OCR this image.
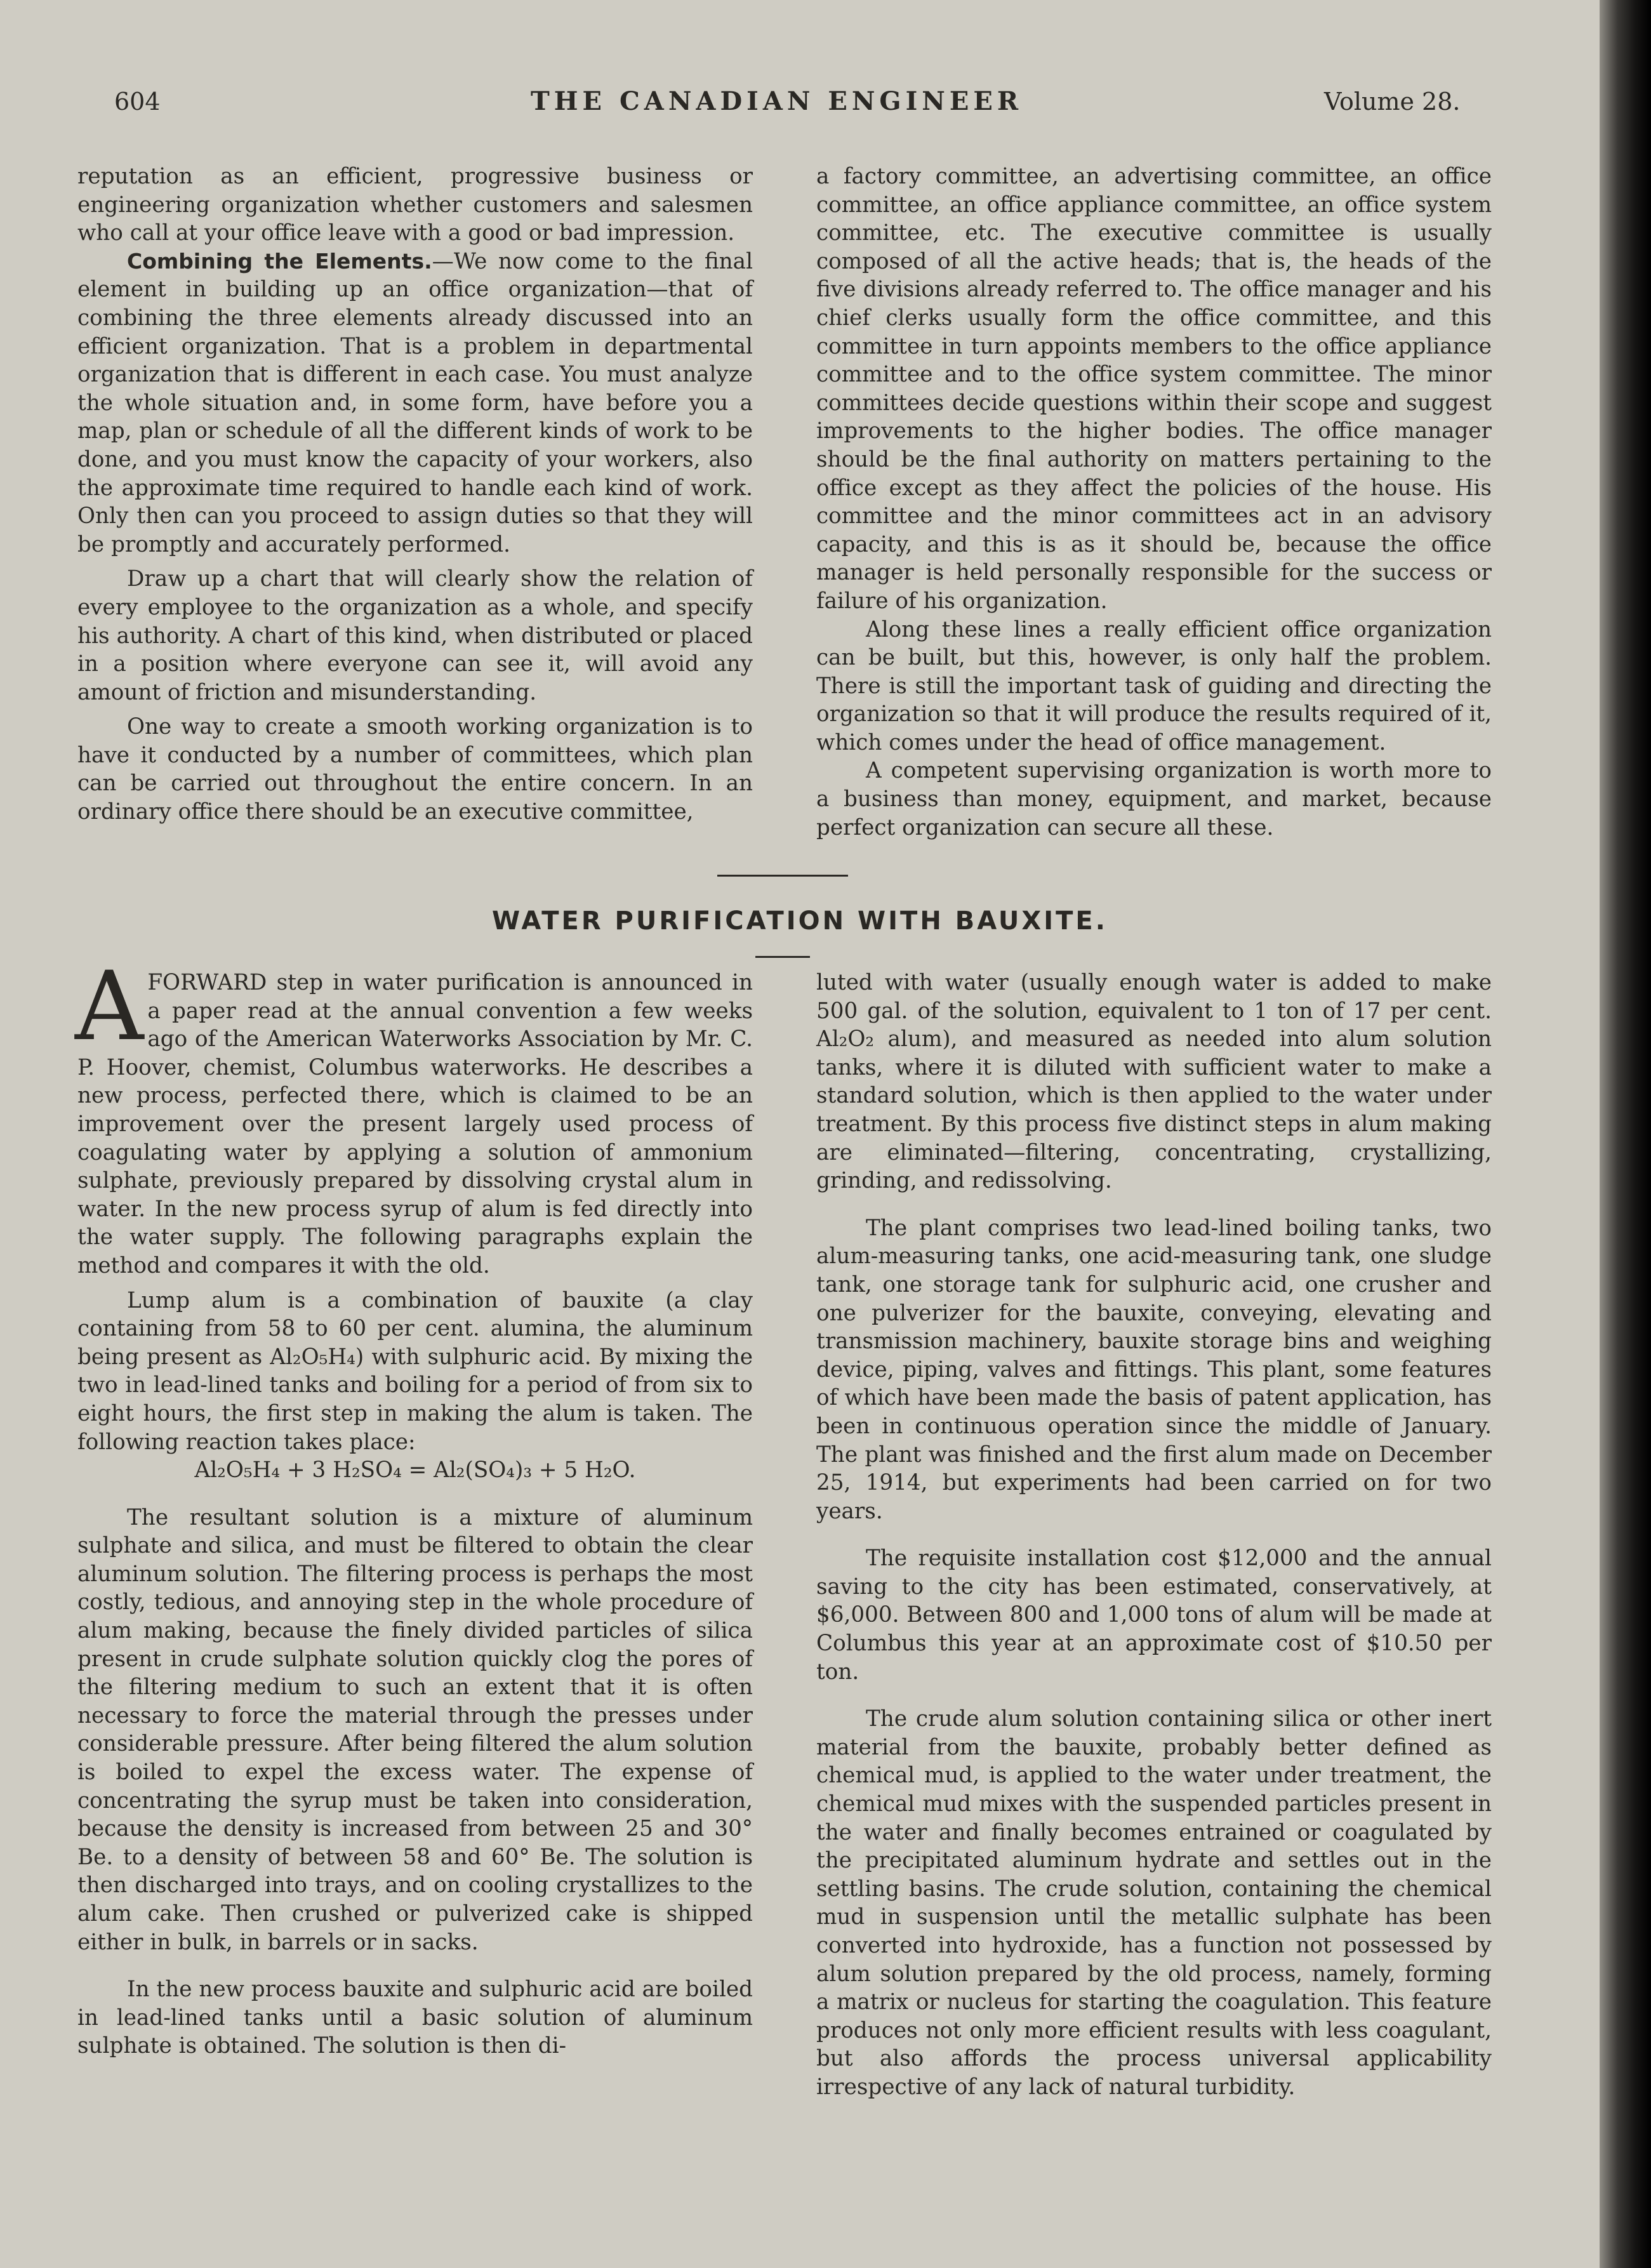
604	THE CANADIAN ENGINEER	Volume 28.

reputation as an efficient, progressive business or engineering organization whether customers and salesmen who call at your office leave with a good or bad impression.

Combining the Elements.—We now come to the final element in building up an office organization—that of combining the three elements already discussed into an efficient organization. That is a problem in departmental organization that is different in each case. You must analyze the whole situation and, in some form, have before you a map, plan or schedule of all the different kinds of work to be done, and you must know the capacity of your workers, also the approximate time required to handle each kind of work. Only then can you proceed to assign duties so that they will be promptly and accurately performed.

Draw up a chart that will clearly show the relation of every employee to the organization as a whole, and specify his authority. A chart of this kind, when distributed or placed in a position where everyone can see it, will avoid any amount of friction and misunderstanding.

One way to create a smooth working organization is to have it conducted by a number of committees, which plan can be carried out throughout the entire concern. In an ordinary office there should be an executive committee,

a factory committee, an advertising committee, an office committee, an office appliance committee, an office system committee, etc. The executive committee is usually composed of all the active heads; that is, the heads of the five divisions already referred to. The office manager and his chief clerks usually form the office committee, and this committee in turn appoints members to the office appliance committee and to the office system committee. The minor committees decide questions within their scope and suggest improvements to the higher bodies. The office manager should be the final authority on matters pertaining to the office except as they affect the policies of the house. His committee and the minor committees act in an advisory capacity, and this is as it should be, because the office manager is held personally responsible for the success or failure of his organization.

Along these lines a really efficient office organization can be built, but this, however, is only half the problem. There is still the important task of guiding and directing the organization so that it will produce the results required of it, which comes under the head of office management.

A competent supervising organization is worth more to a business than money, equipment, and market, because perfect organization can secure all these.

WATER PURIFICATION WITH BAUXITE.

AFORWARD step in water purification is announced in a paper read at the annual convention a few weeks ago of the American Waterworks Association by Mr. C. P. Hoover, chemist, Columbus waterworks. He describes a new process, perfected there, which is claimed to be an improvement over the present largely used process of coagulating water by applying a solution of ammonium sulphate, previously prepared by dissolving crystal alum in water. In the new process syrup of alum is fed directly into the water supply. The following paragraphs explain the method and compares it with the old.

Lump alum is a combination of bauxite (a clay containing from 58 to 60 per cent. alumina, the aluminum being present as Al₂O₅H₄) with sulphuric acid. By mixing the two in lead-lined tanks and boiling for a period of from six to eight hours, the first step in making the alum is taken. The following reaction takes place:

Al₂O₅H₄ + 3 H₂SO₄ = Al₂(SO₄)₃ + 5 H₂O.

The resultant solution is a mixture of aluminum sulphate and silica, and must be filtered to obtain the clear aluminum solution. The filtering process is perhaps the most costly, tedious, and annoying step in the whole procedure of alum making, because the finely divided particles of silica present in crude sulphate solution quickly clog the pores of the filtering medium to such an extent that it is often necessary to force the material through the presses under considerable pressure. After being filtered the alum solution is boiled to expel the excess water. The expense of concentrating the syrup must be taken into consideration, because the density is increased from between 25 and 30° Be. to a density of between 58 and 60° Be. The solution is then discharged into trays, and on cooling crystallizes to the alum cake. Then crushed or pulverized cake is shipped either in bulk, in barrels or in sacks.

In the new process bauxite and sulphuric acid are boiled in lead-lined tanks until a basic solution of aluminum sulphate is obtained. The solution is then di-

luted with water (usually enough water is added to make 500 gal. of the solution, equivalent to 1 ton of 17 per cent. Al₂O₂ alum), and measured as needed into alum solution tanks, where it is diluted with sufficient water to make a standard solution, which is then applied to the water under treatment. By this process five distinct steps in alum making are eliminated—filtering, concentrating, crystallizing, grinding, and redissolving.

The plant comprises two lead-lined boiling tanks, two alum-measuring tanks, one acid-measuring tank, one sludge tank, one storage tank for sulphuric acid, one crusher and one pulverizer for the bauxite, conveying, elevating and transmission machinery, bauxite storage bins and weighing device, piping, valves and fittings. This plant, some features of which have been made the basis of patent application, has been in continuous operation since the middle of January. The plant was finished and the first alum made on December 25, 1914, but experiments had been carried on for two years.

The requisite installation cost $12,000 and the annual saving to the city has been estimated, conservatively, at $6,000. Between 800 and 1,000 tons of alum will be made at Columbus this year at an approximate cost of $10.50 per ton.

The crude alum solution containing silica or other inert material from the bauxite, probably better defined as chemical mud, is applied to the water under treatment, the chemical mud mixes with the suspended particles present in the water and finally becomes entrained or coagulated by the precipitated aluminum hydrate and settles out in the settling basins. The crude solution, containing the chemical mud in suspension until the metallic sulphate has been converted into hydroxide, has a function not possessed by alum solution prepared by the old process, namely, forming a matrix or nucleus for starting the coagulation. This feature produces not only more efficient results with less coagulant, but also affords the process universal applicability irrespective of any lack of natural turbidity.
